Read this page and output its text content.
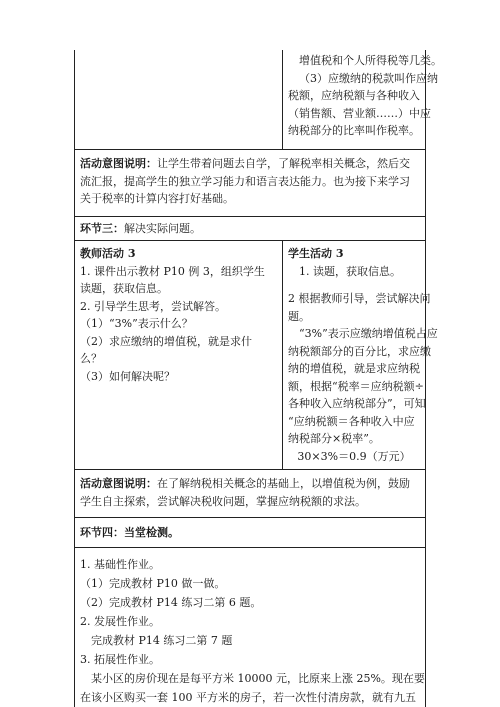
增值税和个人所得税等几类。

（3）应缴纳的税款叫作应纳

税额，应纳税额与各种收入

（销售额、营业额……）中应

纳税部分的比率叫作税率。

活动意图说明：让学生带着问题去自学，了解税率相关概念，然后交

流汇报，提高学生的独立学习能力和语言表达能力。也为接下来学习

关于税率的计算内容打好基础。

环节三：解决实际问题。

教师活动 3

1. 课件出示教材 P10 例 3，组织学生

读题，获取信息。

2. 引导学生思考，尝试解答。

（1）“3%”表示什么？

（2）求应缴纳的增值税，就是求什

么？

（3）如何解决呢？

学生活动 3

1. 读题，获取信息。

2 根据教师引导，尝试解决问

题。

“3%”表示应缴纳增值税占应

纳税额部分的百分比，求应缴

纳的增值税，就是求应纳税

额，根据“税率＝应纳税额÷

各种收入应纳税部分”，可知

“应纳税额＝各种收入中应

纳税部分×税率”。

30×3%＝0.9（万元）

活动意图说明：在了解纳税相关概念的基础上，以增值税为例，鼓励

学生自主探索，尝试解决税收问题，掌握应纳税额的求法。

环节四：当堂检测。

1. 基础性作业。

（1）完成教材 P10 做一做。

（2）完成教材 P14 练习二第 6 题。

2. 发展性作业。

完成教材 P14 练习二第 7 题

3. 拓展性作业。

某小区的房价现在是每平方米 10000 元，比原来上涨 25%。现在要

在该小区购买一套 100 平方米的房子，若一次性付清房款，就有九五
